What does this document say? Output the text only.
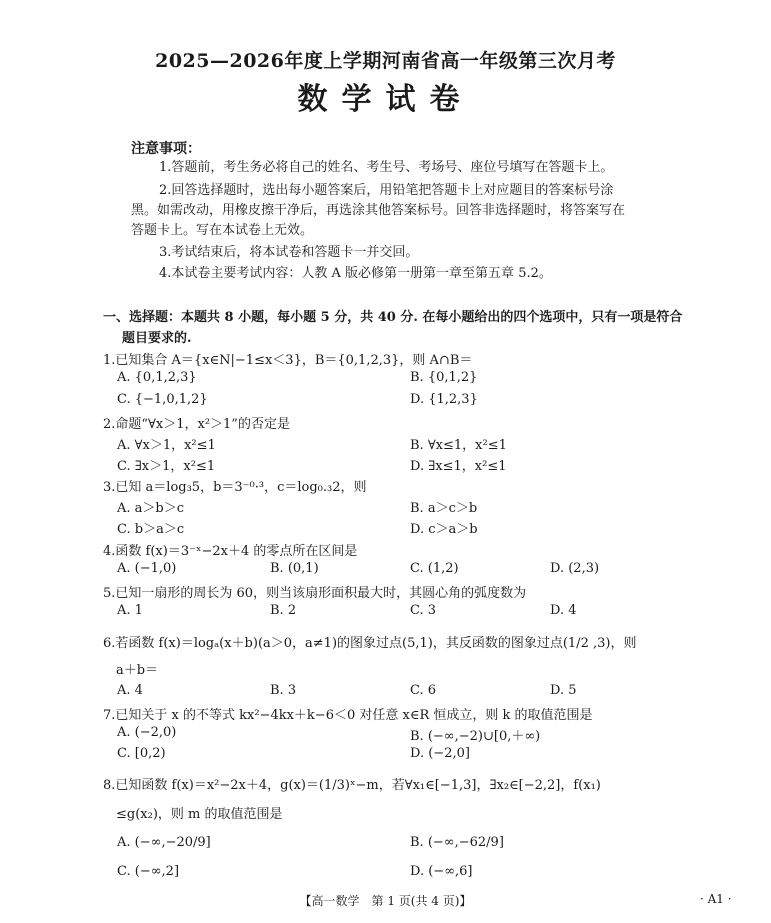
2025—2026年度上学期河南省高一年级第三次月考
数学试卷
注意事项：
1.答题前，考生务必将自己的姓名、考生号、考场号、座位号填写在答题卡上。
2.回答选择题时，选出每小题答案后，用铅笔把答题卡上对应题目的答案标号涂
黑。如需改动，用橡皮擦干净后，再选涂其他答案标号。回答非选择题时，将答案写在
答题卡上。写在本试卷上无效。
3.考试结束后，将本试卷和答题卡一并交回。
4.本试卷主要考试内容：人教 A 版必修第一册第一章至第五章 5.2。
一、选择题：本题共 8 小题，每小题 5 分，共 40 分. 在每小题给出的四个选项中，只有一项是符合
题目要求的.
1.已知集合 A＝{x∈N|−1≤x＜3}，B＝{0,1,2,3}，则 A∩B＝
A. {0,1,2,3}	B. {0,1,2}
C. {−1,0,1,2}	D. {1,2,3}
2.命题“∀x＞1，x²＞1”的否定是
A. ∀x＞1，x²≤1	B. ∀x≤1，x²≤1
C. ∃x＞1，x²≤1	D. ∃x≤1，x²≤1
3.已知 a＝log₃5，b＝3⁻⁰·³，c＝log₀.₃2，则
A. a＞b＞c	B. a＞c＞b
C. b＞a＞c	D. c＞a＞b
4.函数 f(x)＝3⁻ˣ−2x＋4 的零点所在区间是
A. (−1,0)	B. (0,1)	C. (1,2)	D. (2,3)
5.已知一扇形的周长为 60，则当该扇形面积最大时，其圆心角的弧度数为
A. 1	B. 2	C. 3	D. 4
6.若函数 f(x)＝logₐ(x＋b)(a＞0，a≠1)的图象过点(5,1)，其反函数的图象过点(1/2 ,3)，则
a＋b＝
A. 4	B. 3	C. 6	D. 5
7.已知关于 x 的不等式 kx²−4kx＋k−6＜0 对任意 x∈R 恒成立，则 k 的取值范围是
A. (−2,0)	B. (−∞,−2)∪[0,＋∞)
C. [0,2)	D. (−2,0]
8.已知函数 f(x)＝x²−2x＋4，g(x)＝(1/3)ˣ−m，若∀x₁∈[−1,3]，∃x₂∈[−2,2]，f(x₁)
≤g(x₂)，则 m 的取值范围是
A. (−∞,−20/9]	B. (−∞,−62/9]
C. (−∞,2]	D. (−∞,6]
【高一数学　第 1 页(共 4 页)】	· A1 ·
